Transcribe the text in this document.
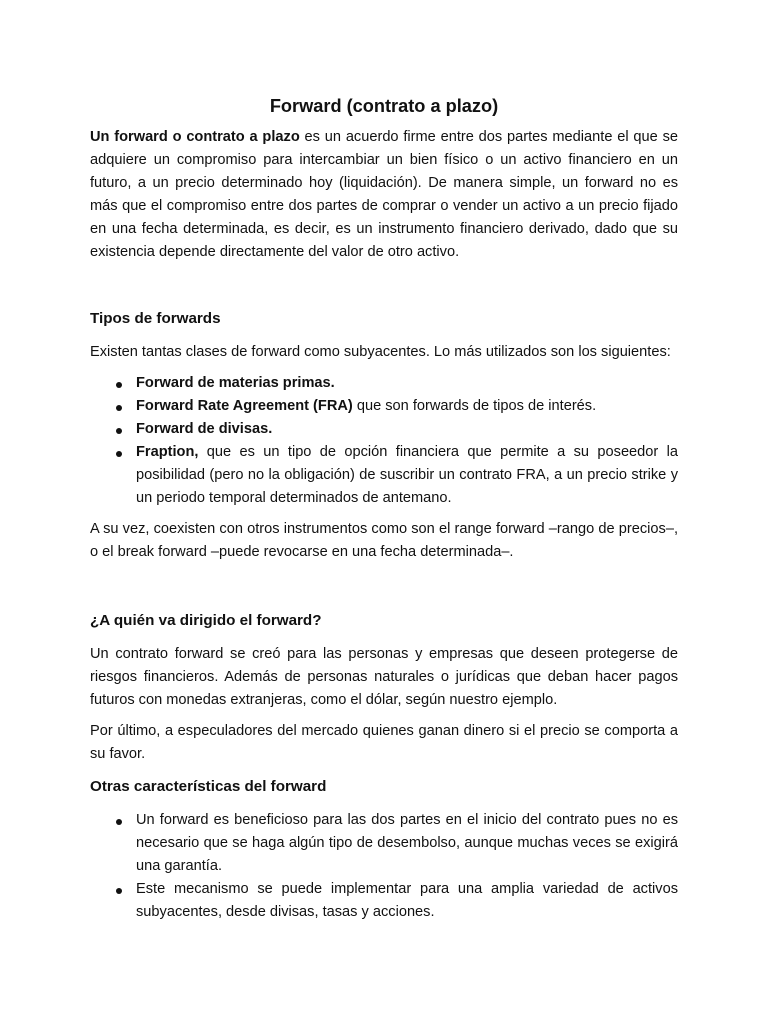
Forward (contrato a plazo)

Un forward o contrato a plazo es un acuerdo firme entre dos partes mediante el que se adquiere un compromiso para intercambiar un bien físico o un activo financiero en un futuro, a un precio determinado hoy (liquidación). De manera simple, un forward no es más que el compromiso entre dos partes de comprar o vender un activo a un precio fijado en una fecha determinada, es decir, es un instrumento financiero derivado, dado que su existencia depende directamente del valor de otro activo.

Tipos de forwards

Existen tantas clases de forward como subyacentes. Lo más utilizados son los siguientes:

Forward de materias primas.
Forward Rate Agreement (FRA) que son forwards de tipos de interés.
Forward de divisas.
Fraption, que es un tipo de opción financiera que permite a su poseedor la posibilidad (pero no la obligación) de suscribir un contrato FRA, a un precio strike y un periodo temporal determinados de antemano.

A su vez, coexisten con otros instrumentos como son el range forward –rango de precios–, o el break forward –puede revocarse en una fecha determinada–.

¿A quién va dirigido el forward?

Un contrato forward se creó para las personas y empresas que deseen protegerse de riesgos financieros. Además de personas naturales o jurídicas que deban hacer pagos futuros con monedas extranjeras, como el dólar, según nuestro ejemplo.

Por último, a especuladores del mercado quienes ganan dinero si el precio se comporta a su favor.

Otras características del forward
Un forward es beneficioso para las dos partes en el inicio del contrato pues no es necesario que se haga algún tipo de desembolso, aunque muchas veces se exigirá una garantía.
Este mecanismo se puede implementar para una amplia variedad de activos subyacentes, desde divisas, tasas y acciones.
